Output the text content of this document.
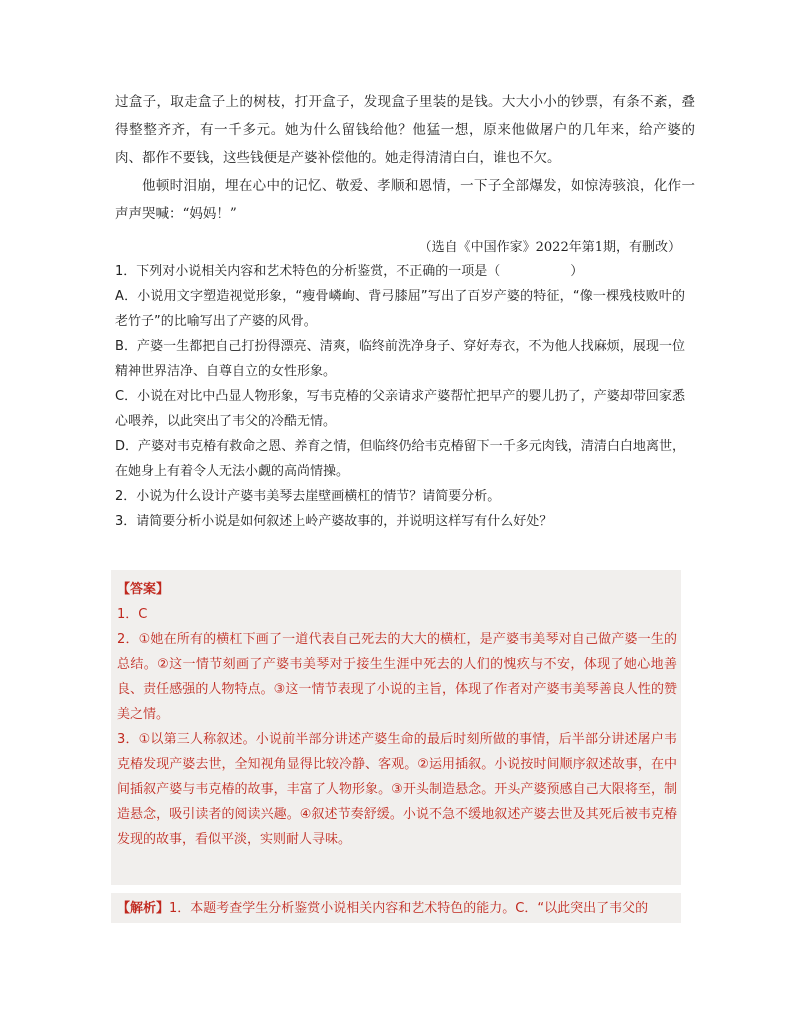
过盒子，取走盒子上的树枝，打开盒子，发现盒子里装的是钱。大大小小的钞票，有条不紊，叠得整整齐齐，有一千多元。她为什么留钱给他？他猛一想，原来他做屠户的几年来，给产婆的肉、都作不要钱，这些钱便是产婆补偿他的。她走得清清白白，谁也不欠。

他顿时泪崩，埋在心中的记忆、敬爱、孝顺和恩情，一下子全部爆发，如惊涛骇浪，化作一声声哭喊：“妈妈！”

（选自《中国作家》2022年第1期，有删改）

1．下列对小说相关内容和艺术特色的分析鉴赏，不正确的一项是（	）

A．小说用文字塑造视觉形象，“瘦骨嶙峋、背弓膝屈”写出了百岁产婆的特征，“像一棵残枝败叶的老竹子”的比喻写出了产婆的风骨。

B．产婆一生都把自己打扮得漂亮、清爽，临终前洗净身子、穿好寿衣，不为他人找麻烦，展现一位精神世界洁净、自尊自立的女性形象。

C．小说在对比中凸显人物形象，写韦克椿的父亲请求产婆帮忙把早产的婴儿扔了，产婆却带回家悉心喂养，以此突出了韦父的冷酷无情。

D．产婆对韦克椿有救命之恩、养育之情，但临终仍给韦克椿留下一千多元肉钱，清清白白地离世，在她身上有着令人无法小觑的高尚情操。

2．小说为什么设计产婆韦美琴去崖壁画横杠的情节？请简要分析。

3．请简要分析小说是如何叙述上岭产婆故事的，并说明这样写有什么好处？

【答案】

1．C

2．①她在所有的横杠下画了一道代表自己死去的大大的横杠，是产婆韦美琴对自己做产婆一生的总结。②这一情节刻画了产婆韦美琴对于接生生涯中死去的人们的愧疚与不安，体现了她心地善良、责任感强的人物特点。③这一情节表现了小说的主旨，体现了作者对产婆韦美琴善良人性的赞美之情。

3．①以第三人称叙述。小说前半部分讲述产婆生命的最后时刻所做的事情，后半部分讲述屠户韦克椿发现产婆去世，全知视角显得比较冷静、客观。②运用插叙。小说按时间顺序叙述故事，在中间插叙产婆与韦克椿的故事，丰富了人物形象。③开头制造悬念。开头产婆预感自己大限将至，制造悬念，吸引读者的阅读兴趣。④叙述节奏舒缓。小说不急不缓地叙述产婆去世及其死后被韦克椿发现的故事，看似平淡，实则耐人寻味。

【解析】1．本题考查学生分析鉴赏小说相关内容和艺术特色的能力。C．“以此突出了韦父的
